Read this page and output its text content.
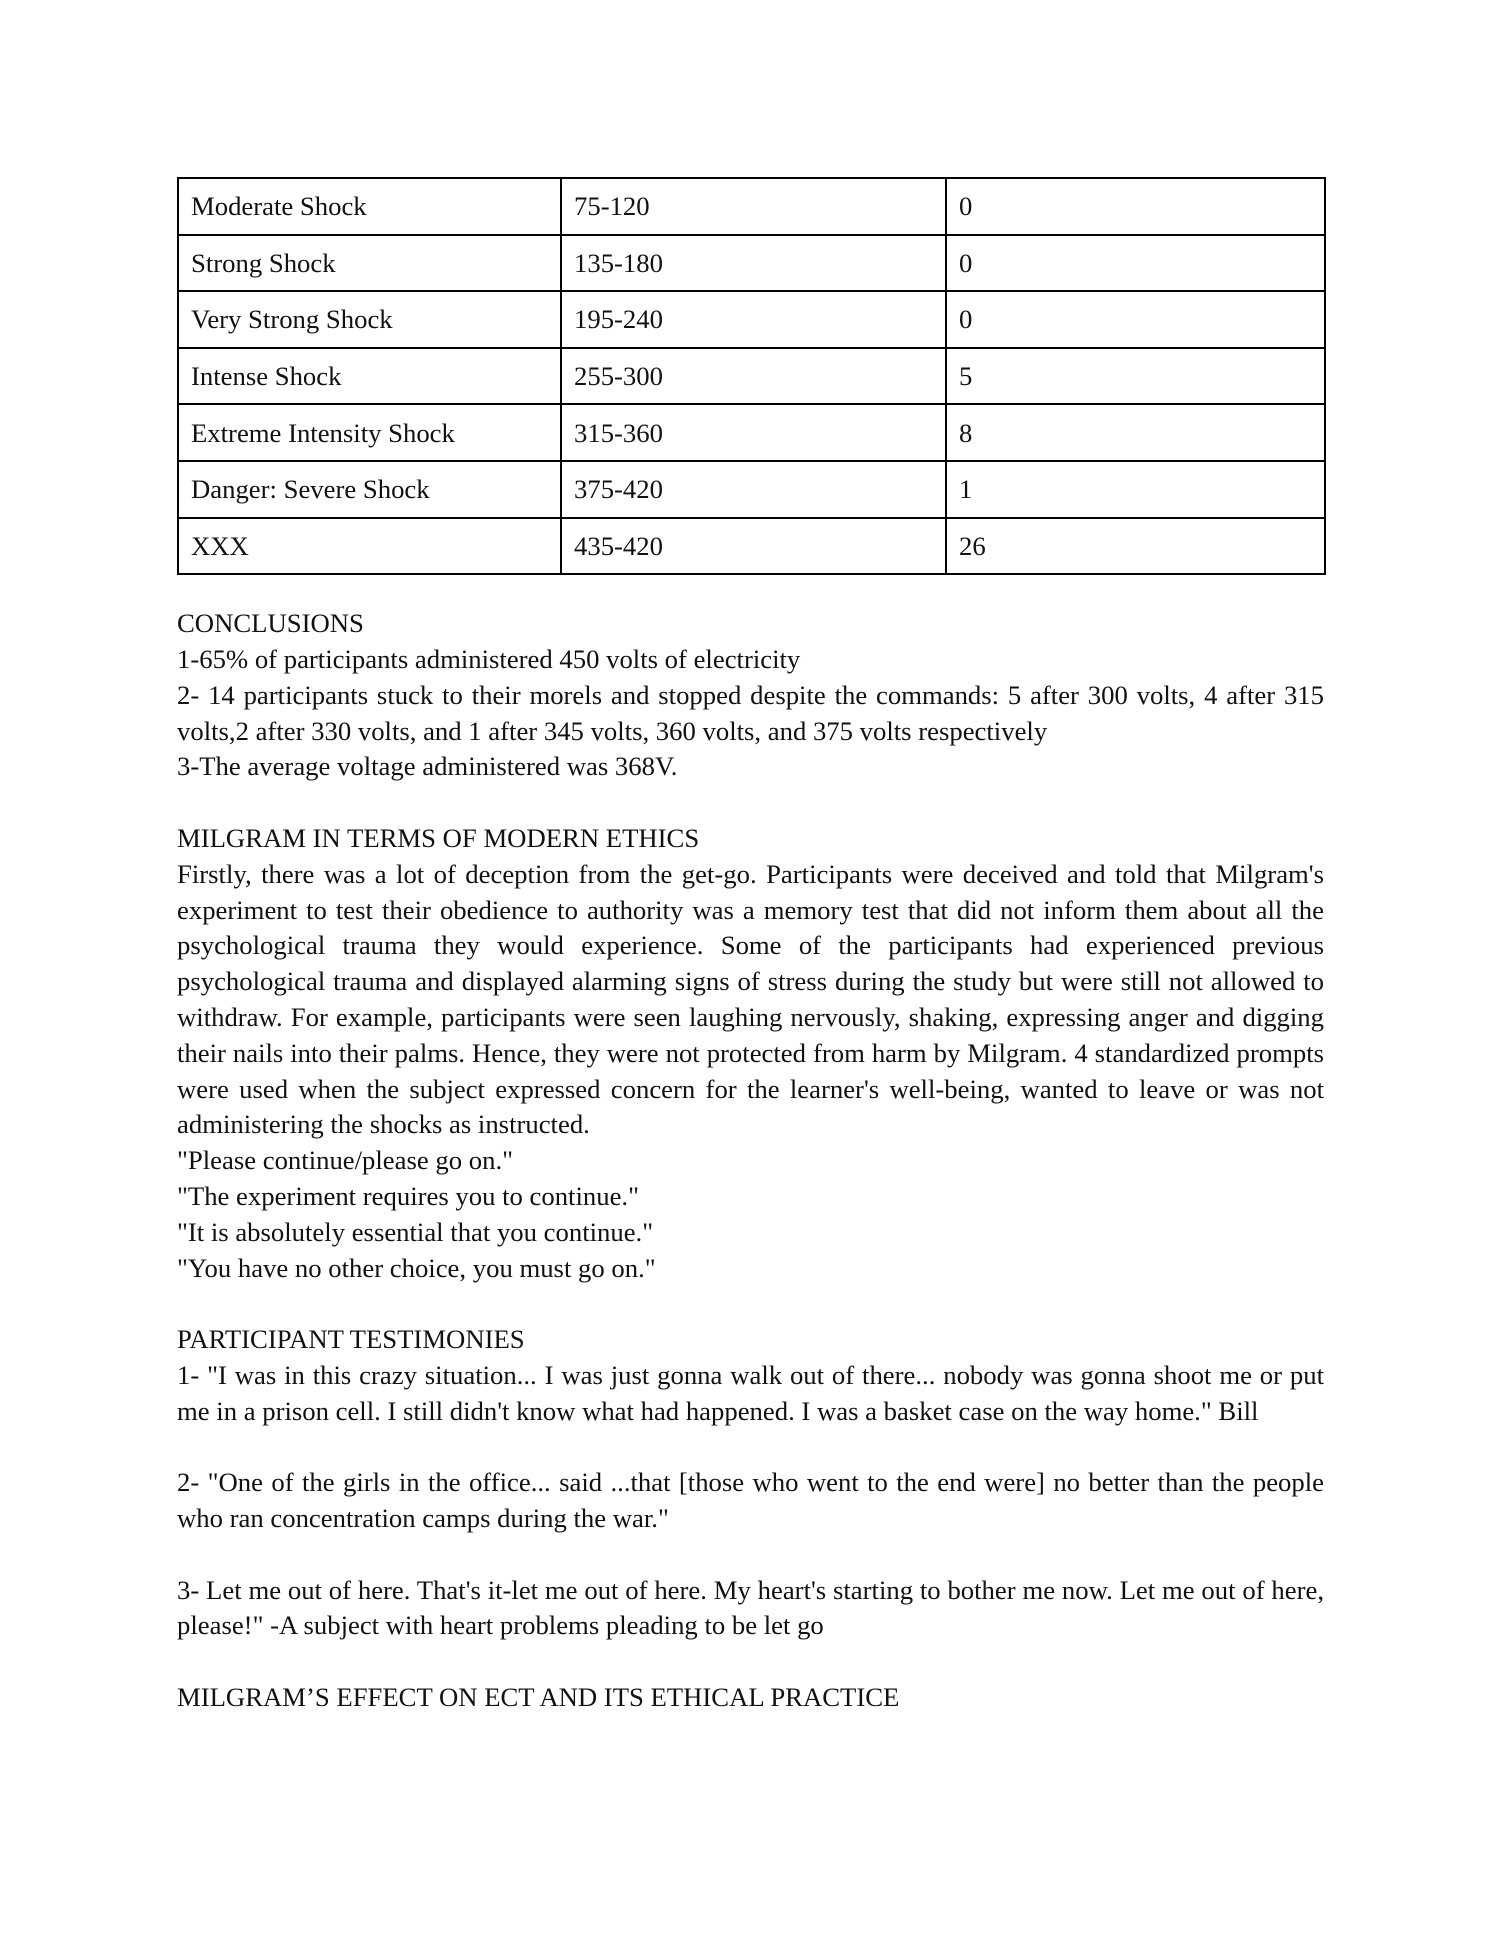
Moderate Shock	75-120	0
Strong Shock	135-180	0
Very Strong Shock	195-240	0
Intense Shock	255-300	5
Extreme Intensity Shock	315-360	8
Danger: Severe Shock	375-420	1
XXX	435-420	26
CONCLUSIONS
1-65% of participants administered 450 volts of electricity
2- 14 participants stuck to their morels and stopped despite the commands: 5 after 300 volts, 4 after 315 volts,2 after 330 volts, and 1 after 345 volts, 360 volts, and 375 volts respectively
3-The average voltage administered was 368V.
MILGRAM IN TERMS OF MODERN ETHICS
Firstly, there was a lot of deception from the get-go. Participants were deceived and told that Milgram's experiment to test their obedience to authority was a memory test that did not inform them about all the psychological trauma they would experience. Some of the participants had experienced previous psychological trauma and displayed alarming signs of stress during the study but were still not allowed to withdraw. For example, participants were seen laughing nervously, shaking, expressing anger and digging their nails into their palms. Hence, they were not protected from harm by Milgram. 4 standardized prompts were used when the subject expressed concern for the learner's well-being, wanted to leave or was not administering the shocks as instructed.
"Please continue/please go on."
"The experiment requires you to continue."
"It is absolutely essential that you continue."
"You have no other choice, you must go on."
PARTICIPANT TESTIMONIES
1- "I was in this crazy situation... I was just gonna walk out of there... nobody was gonna shoot me or put me in a prison cell. I still didn't know what had happened. I was a basket case on the way home." Bill
2- "One of the girls in the office... said ...that [those who went to the end were] no better than the people who ran concentration camps during the war."
3- Let me out of here. That's it-let me out of here. My heart's starting to bother me now. Let me out of here, please!" -A subject with heart problems pleading to be let go
MILGRAM’S EFFECT ON ECT AND ITS ETHICAL PRACTICE
